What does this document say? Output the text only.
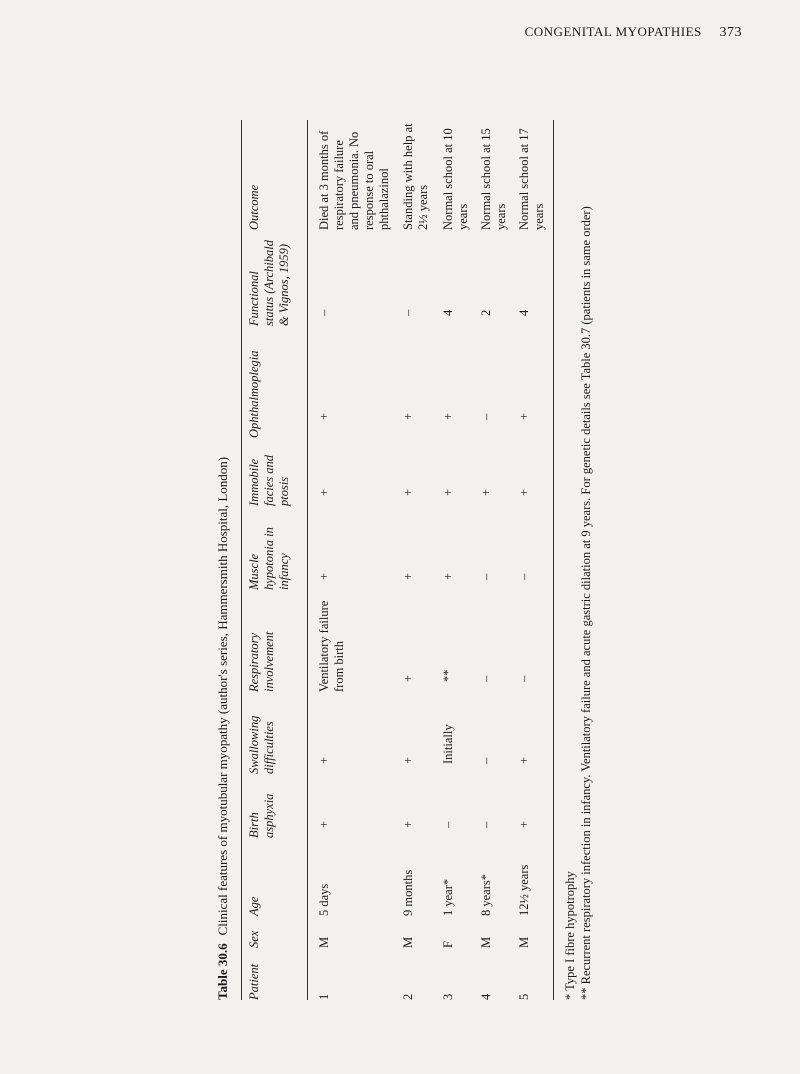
CONGENITAL MYOPATHIES 373
Table 30.6Clinical features of myotubular myopathy (author's series, Hammersmith Hospital, London)
Patient
Sex
Age
Birth asphyxia
Swallowing difficulties
Respiratory involvement
Muscle hypotonia in infancy
Immobile facies and ptosis
Ophthalmoplegia
Functional status (Archibald & Vignos, 1959)
Outcome
1
M
5 days
+
+
Ventilatory failure from birth
+
+
+
–
Died at 3 months of respiratory failure and pneumonia. No response to oral phthalazinol
2
M
9 months
+
+
+
+
+
+
–
Standing with help at 2½ years
3
F
1 year*
–
Initially
**
+
+
+
4
Normal school at 10 years
4
M
8 years*
–
–
–
–
+
–
2
Normal school at 15 years
5
M
12½ years
+
+
–
–
+
+
4
Normal school at 17 years
* Type I fibre hypotrophy ** Recurrent respiratory infection in infancy. Ventilatory failure and acute gastric dilation at 9 years. For genetic details see Table 30.7 (patients in same order)
